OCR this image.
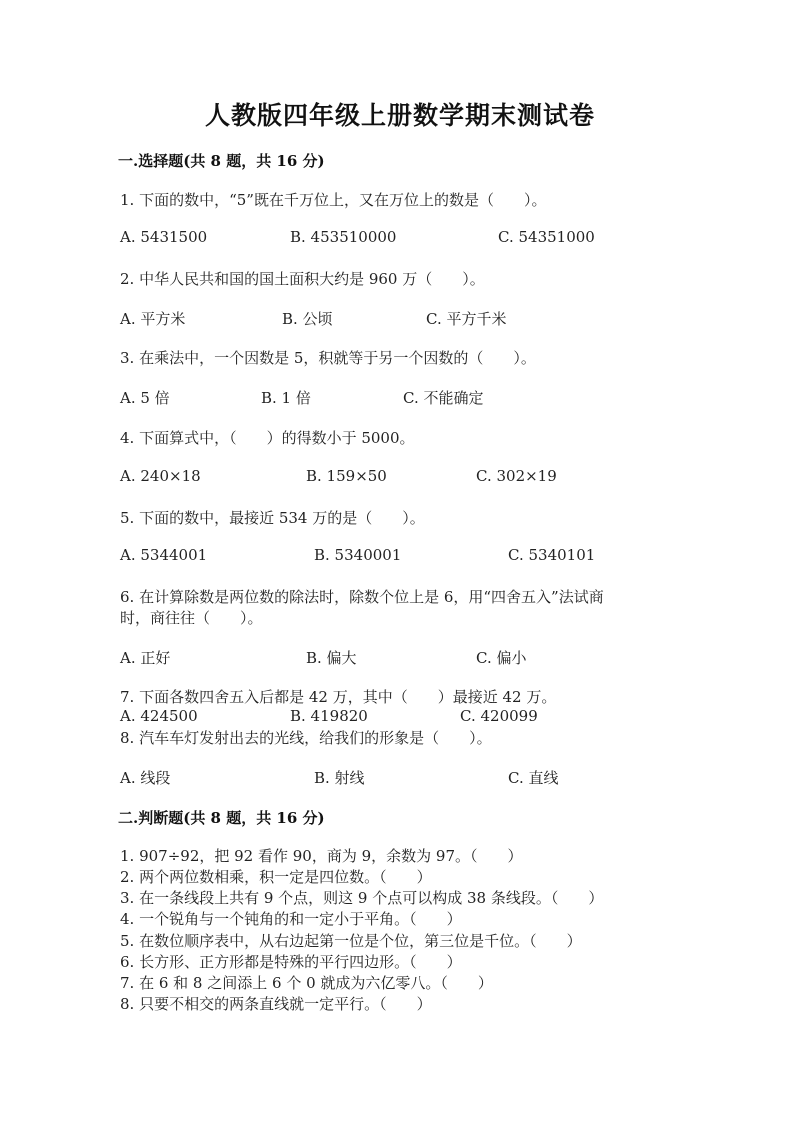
人教版四年级上册数学期末测试卷
一.选择题(共 8 题，共 16 分)
1. 下面的数中，“5”既在千万位上，又在万位上的数是（　　）。
A. 5431500	B. 453510000	C. 54351000
2. 中华人民共和国的国土面积大约是 960 万（　　）。
A. 平方米	B. 公顷	C. 平方千米
3. 在乘法中，一个因数是 5，积就等于另一个因数的（　　）。
A. 5 倍	B. 1 倍	C. 不能确定
4. 下面算式中，（　　）的得数小于 5000。
A. 240×18	B. 159×50	C. 302×19
5. 下面的数中，最接近 534 万的是（　　）。
A. 5344001	B. 5340001	C. 5340101
6. 在计算除数是两位数的除法时，除数个位上是 6，用“四舍五入”法试商
时，商往往（　　）。
A. 正好	B. 偏大	C. 偏小
7. 下面各数四舍五入后都是 42 万，其中（　　）最接近 42 万。
A. 424500	B. 419820	C. 420099
8. 汽车车灯发射出去的光线，给我们的形象是（　　）。
A. 线段	B. 射线	C. 直线
二.判断题(共 8 题，共 16 分)
1. 907÷92，把 92 看作 90，商为 9，余数为 97。（　　）
2. 两个两位数相乘，积一定是四位数。（　　）
3. 在一条线段上共有 9 个点，则这 9 个点可以构成 38 条线段。（　　）
4. 一个锐角与一个钝角的和一定小于平角。（　　）
5. 在数位顺序表中，从右边起第一位是个位，第三位是千位。（　　）
6. 长方形、正方形都是特殊的平行四边形。（　　）
7. 在 6 和 8 之间添上 6 个 0 就成为六亿零八。（　　）
8. 只要不相交的两条直线就一定平行。（　　）
